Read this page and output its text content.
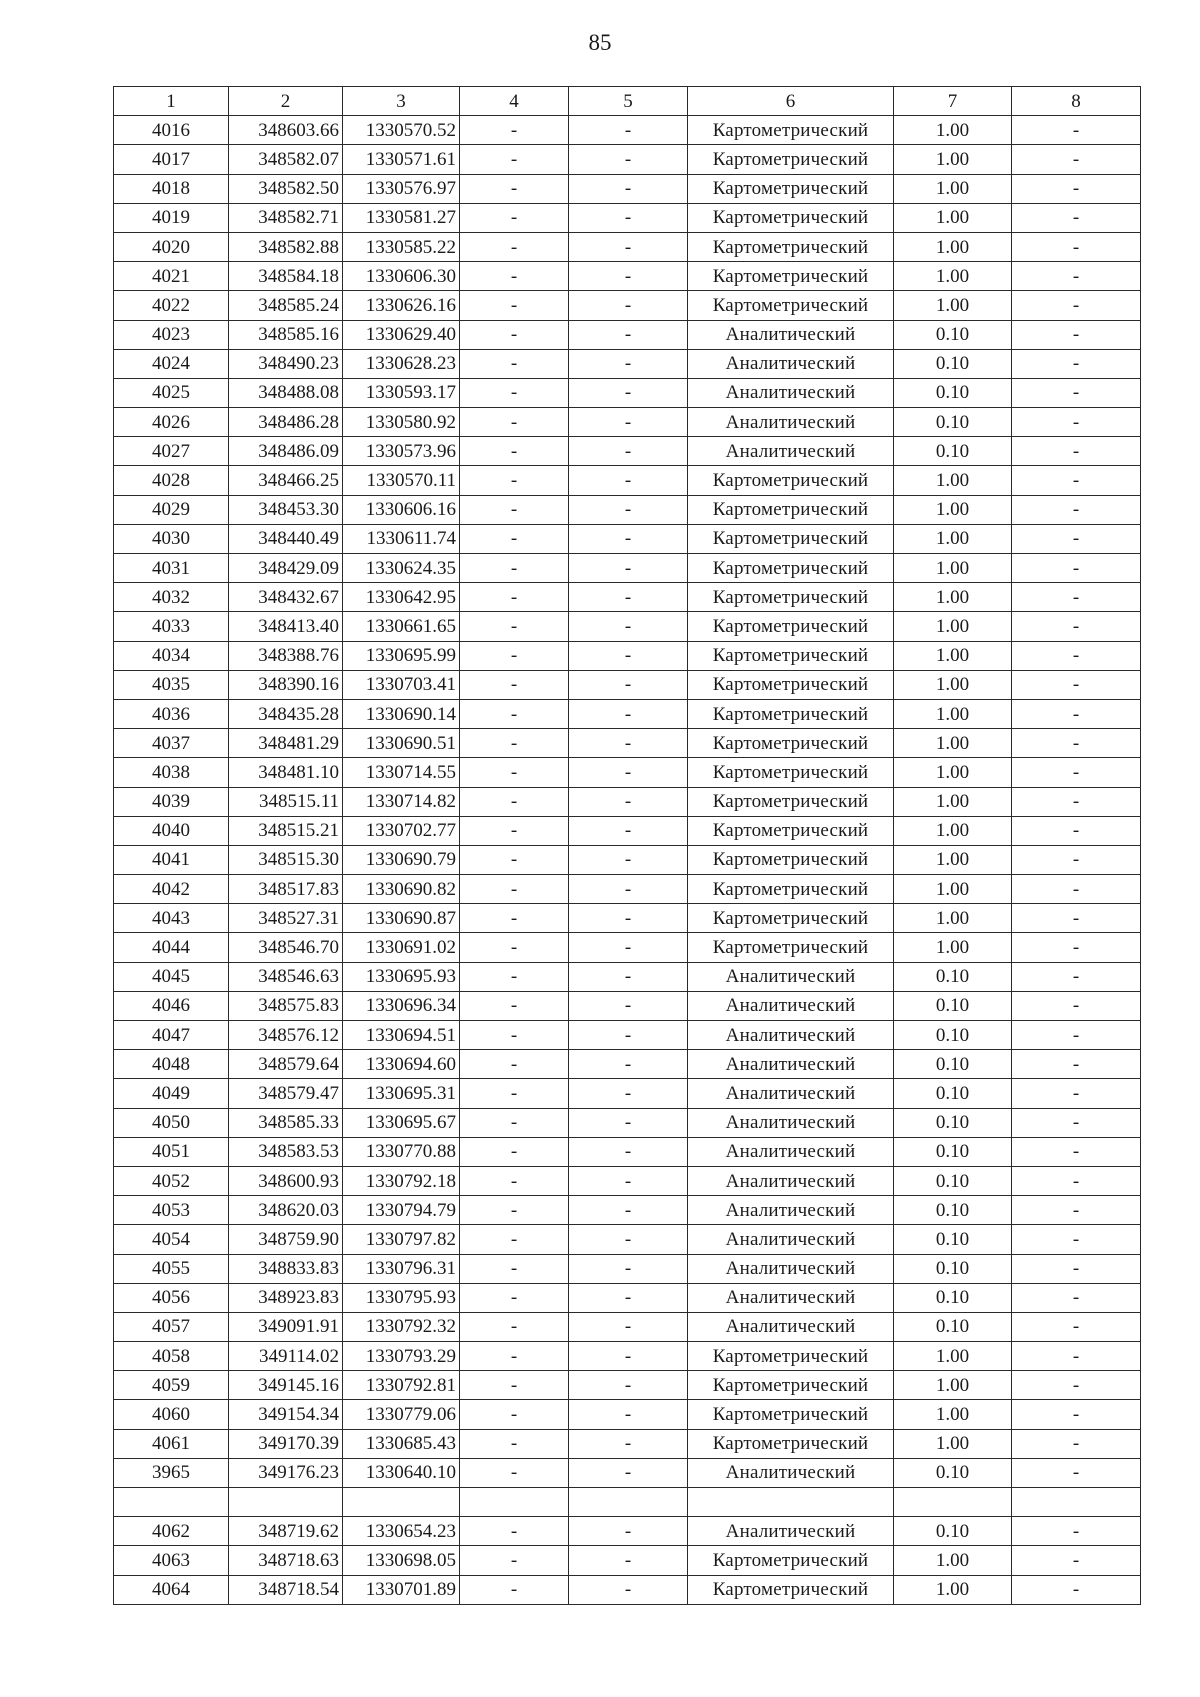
85
1	2	3	4	5	6	7	8
4016	348603.66	1330570.52	-	-	Картометрический	1.00	-
4017	348582.07	1330571.61	-	-	Картометрический	1.00	-
4018	348582.50	1330576.97	-	-	Картометрический	1.00	-
4019	348582.71	1330581.27	-	-	Картометрический	1.00	-
4020	348582.88	1330585.22	-	-	Картометрический	1.00	-
4021	348584.18	1330606.30	-	-	Картометрический	1.00	-
4022	348585.24	1330626.16	-	-	Картометрический	1.00	-
4023	348585.16	1330629.40	-	-	Аналитический	0.10	-
4024	348490.23	1330628.23	-	-	Аналитический	0.10	-
4025	348488.08	1330593.17	-	-	Аналитический	0.10	-
4026	348486.28	1330580.92	-	-	Аналитический	0.10	-
4027	348486.09	1330573.96	-	-	Аналитический	0.10	-
4028	348466.25	1330570.11	-	-	Картометрический	1.00	-
4029	348453.30	1330606.16	-	-	Картометрический	1.00	-
4030	348440.49	1330611.74	-	-	Картометрический	1.00	-
4031	348429.09	1330624.35	-	-	Картометрический	1.00	-
4032	348432.67	1330642.95	-	-	Картометрический	1.00	-
4033	348413.40	1330661.65	-	-	Картометрический	1.00	-
4034	348388.76	1330695.99	-	-	Картометрический	1.00	-
4035	348390.16	1330703.41	-	-	Картометрический	1.00	-
4036	348435.28	1330690.14	-	-	Картометрический	1.00	-
4037	348481.29	1330690.51	-	-	Картометрический	1.00	-
4038	348481.10	1330714.55	-	-	Картометрический	1.00	-
4039	348515.11	1330714.82	-	-	Картометрический	1.00	-
4040	348515.21	1330702.77	-	-	Картометрический	1.00	-
4041	348515.30	1330690.79	-	-	Картометрический	1.00	-
4042	348517.83	1330690.82	-	-	Картометрический	1.00	-
4043	348527.31	1330690.87	-	-	Картометрический	1.00	-
4044	348546.70	1330691.02	-	-	Картометрический	1.00	-
4045	348546.63	1330695.93	-	-	Аналитический	0.10	-
4046	348575.83	1330696.34	-	-	Аналитический	0.10	-
4047	348576.12	1330694.51	-	-	Аналитический	0.10	-
4048	348579.64	1330694.60	-	-	Аналитический	0.10	-
4049	348579.47	1330695.31	-	-	Аналитический	0.10	-
4050	348585.33	1330695.67	-	-	Аналитический	0.10	-
4051	348583.53	1330770.88	-	-	Аналитический	0.10	-
4052	348600.93	1330792.18	-	-	Аналитический	0.10	-
4053	348620.03	1330794.79	-	-	Аналитический	0.10	-
4054	348759.90	1330797.82	-	-	Аналитический	0.10	-
4055	348833.83	1330796.31	-	-	Аналитический	0.10	-
4056	348923.83	1330795.93	-	-	Аналитический	0.10	-
4057	349091.91	1330792.32	-	-	Аналитический	0.10	-
4058	349114.02	1330793.29	-	-	Картометрический	1.00	-
4059	349145.16	1330792.81	-	-	Картометрический	1.00	-
4060	349154.34	1330779.06	-	-	Картометрический	1.00	-
4061	349170.39	1330685.43	-	-	Картометрический	1.00	-
3965	349176.23	1330640.10	-	-	Аналитический	0.10	-

4062	348719.62	1330654.23	-	-	Аналитический	0.10	-
4063	348718.63	1330698.05	-	-	Картометрический	1.00	-
4064	348718.54	1330701.89	-	-	Картометрический	1.00	-
